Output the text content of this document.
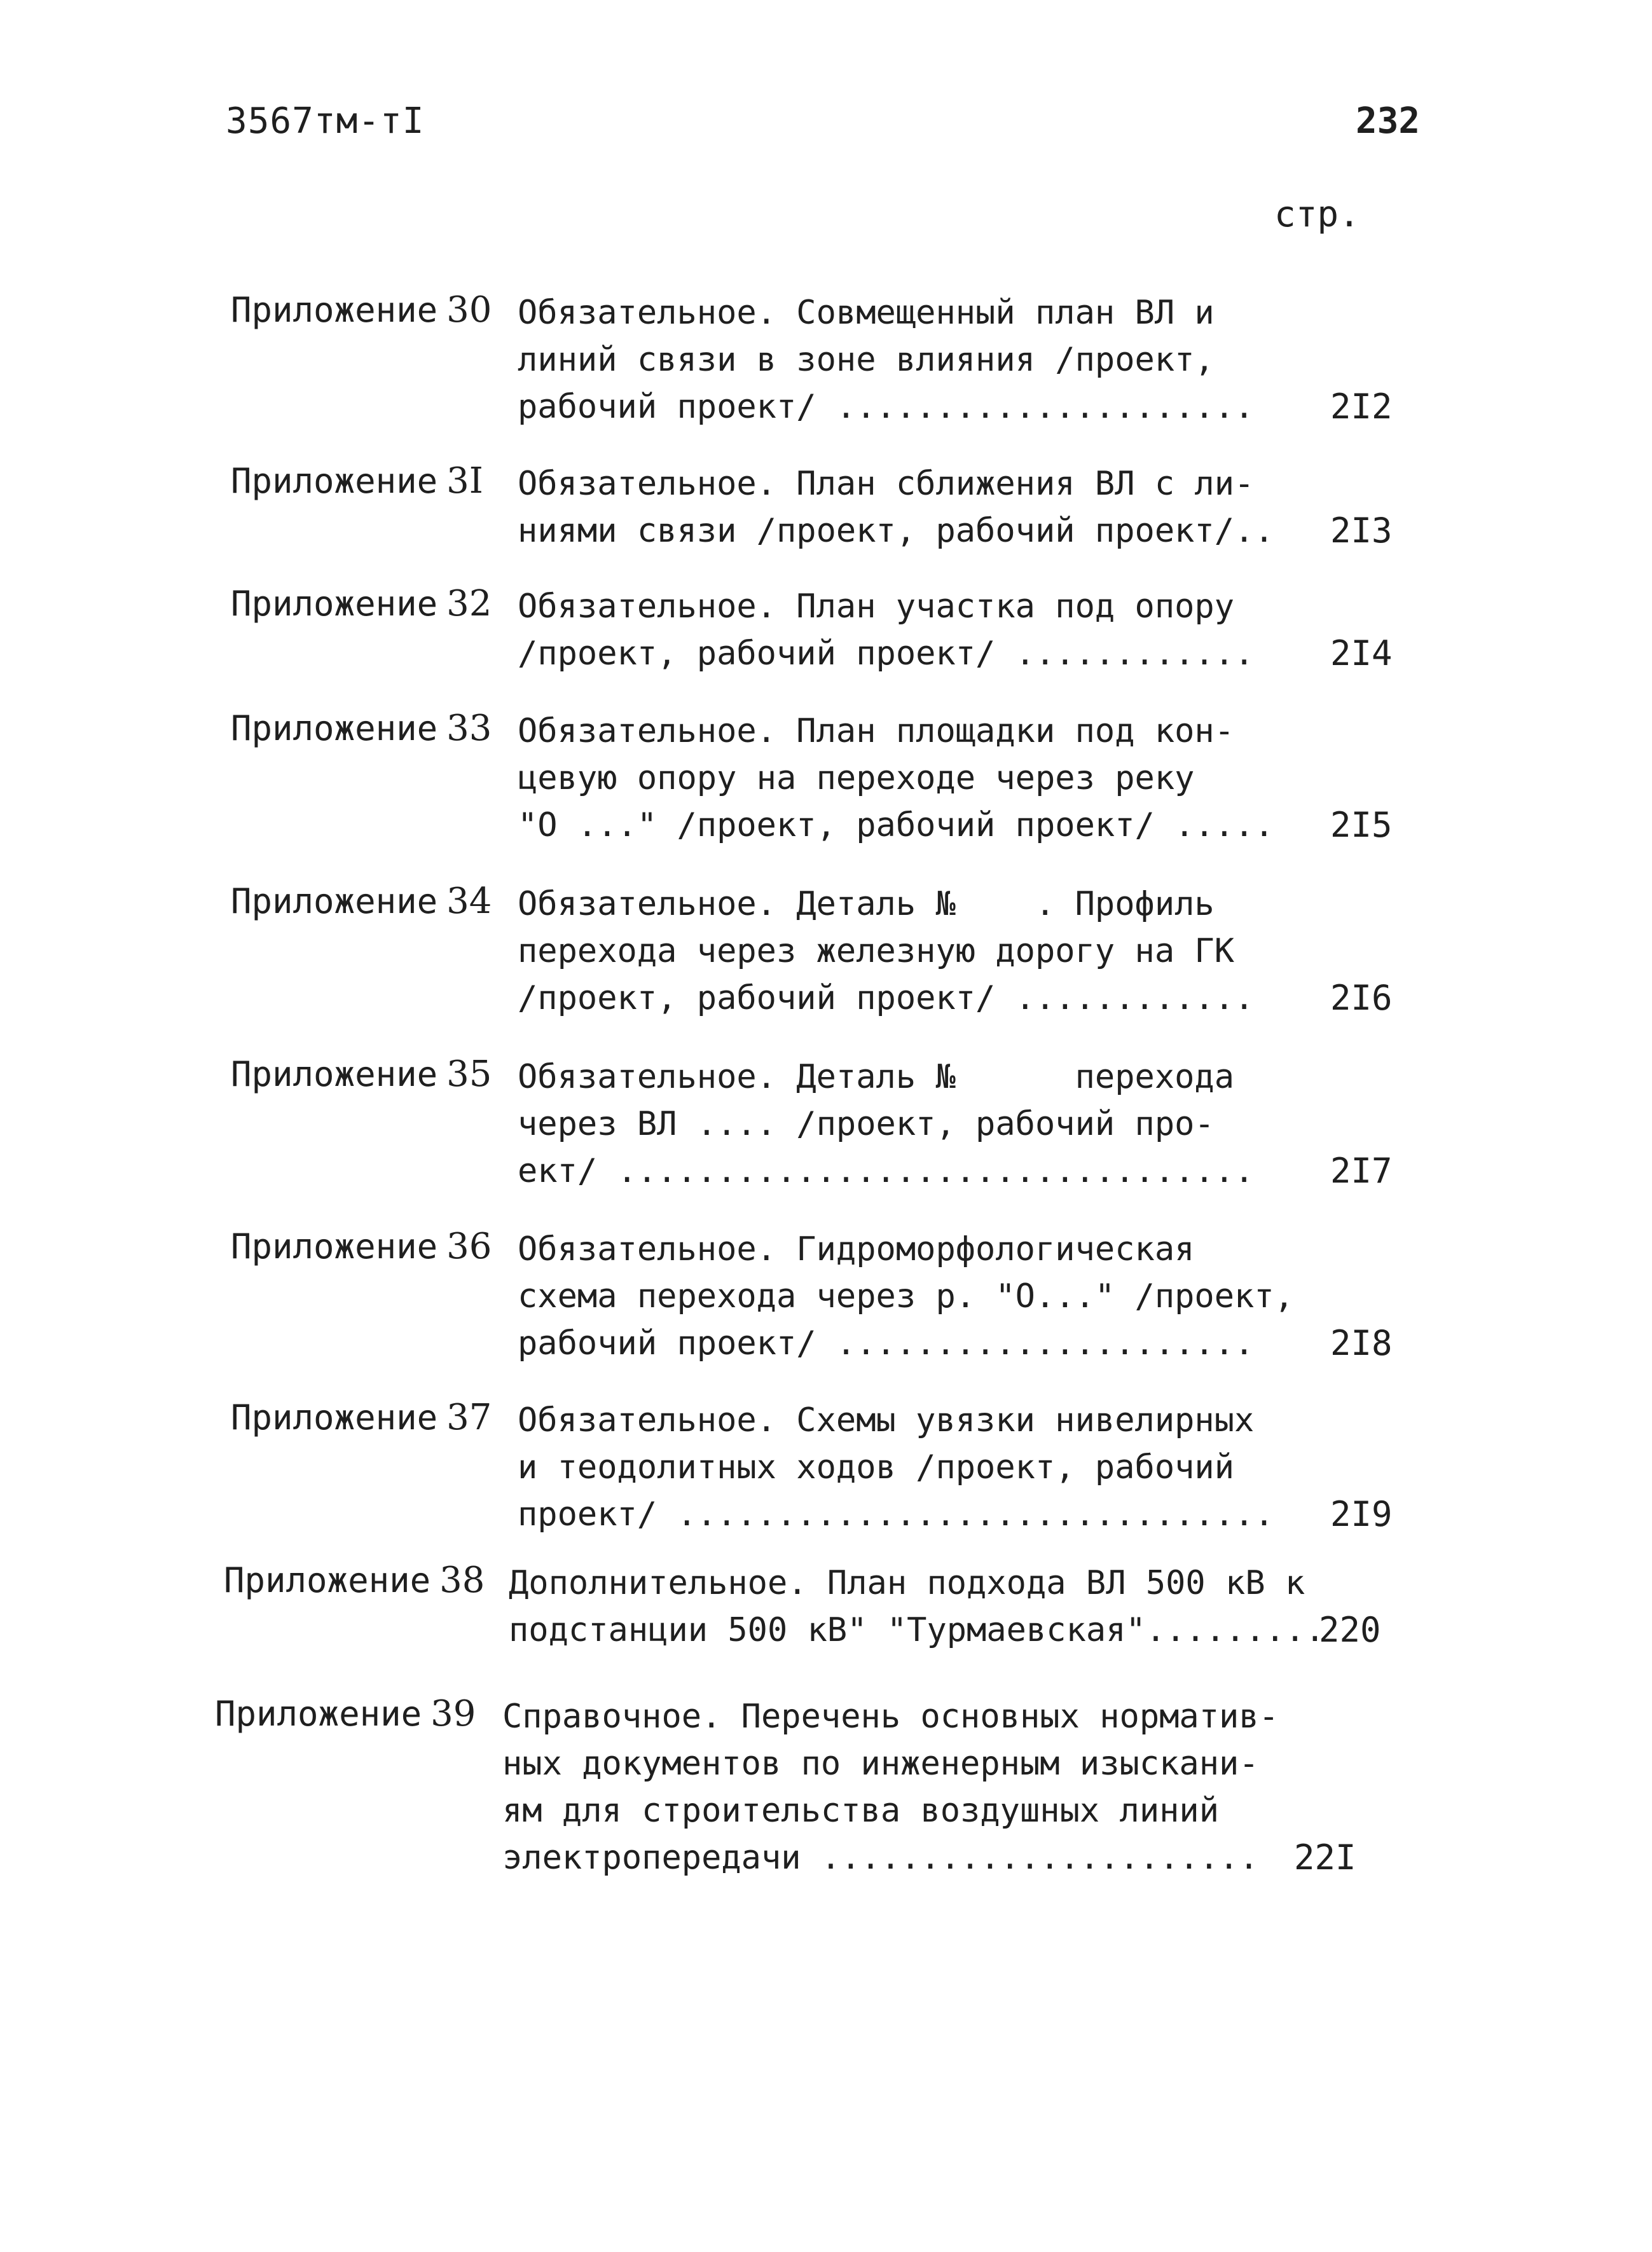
3567тм-тI	232
стр.
Приложение 30 Обязательное. Совмещенный план ВЛ и
линий связи в зоне влияния /проект,
рабочий проект/ ..................... 2I2
Приложение 3I Обязательное. План сближения ВЛ с ли-
ниями связи /проект, рабочий проект/.. 2I3
Приложение 32 Обязательное. План участка под опору
/проект, рабочий проект/ ............ 2I4
Приложение 33 Обязательное. План площадки под кон-
цевую опору на переходе через реку
"О ..." /проект, рабочий проект/ ..... 2I5
Приложение 34 Обязательное. Деталь №    . Профиль
перехода через железную дорогу на ГК
/проект, рабочий проект/ ............ 2I6
Приложение 35 Обязательное. Деталь №      перехода
через ВЛ .... /проект, рабочий про-
ект/ ................................ 2I7
Приложение 36 Обязательное. Гидроморфологическая
схема перехода через р. "О..." /проект,
рабочий проект/ ..................... 2I8
Приложение 37 Обязательное. Схемы увязки нивелирных
и теодолитных ходов /проект, рабочий
проект/ .............................. 2I9
Приложение 38 Дополнительное. План подхода ВЛ 500 кВ к
подстанции 500 кВ" "Турмаевская".........
220
Приложение 39 Справочное. Перечень основных норматив-
ных документов по инженерным изыскани-
ям для строительства воздушных линий
электропередачи ...................... 22I
